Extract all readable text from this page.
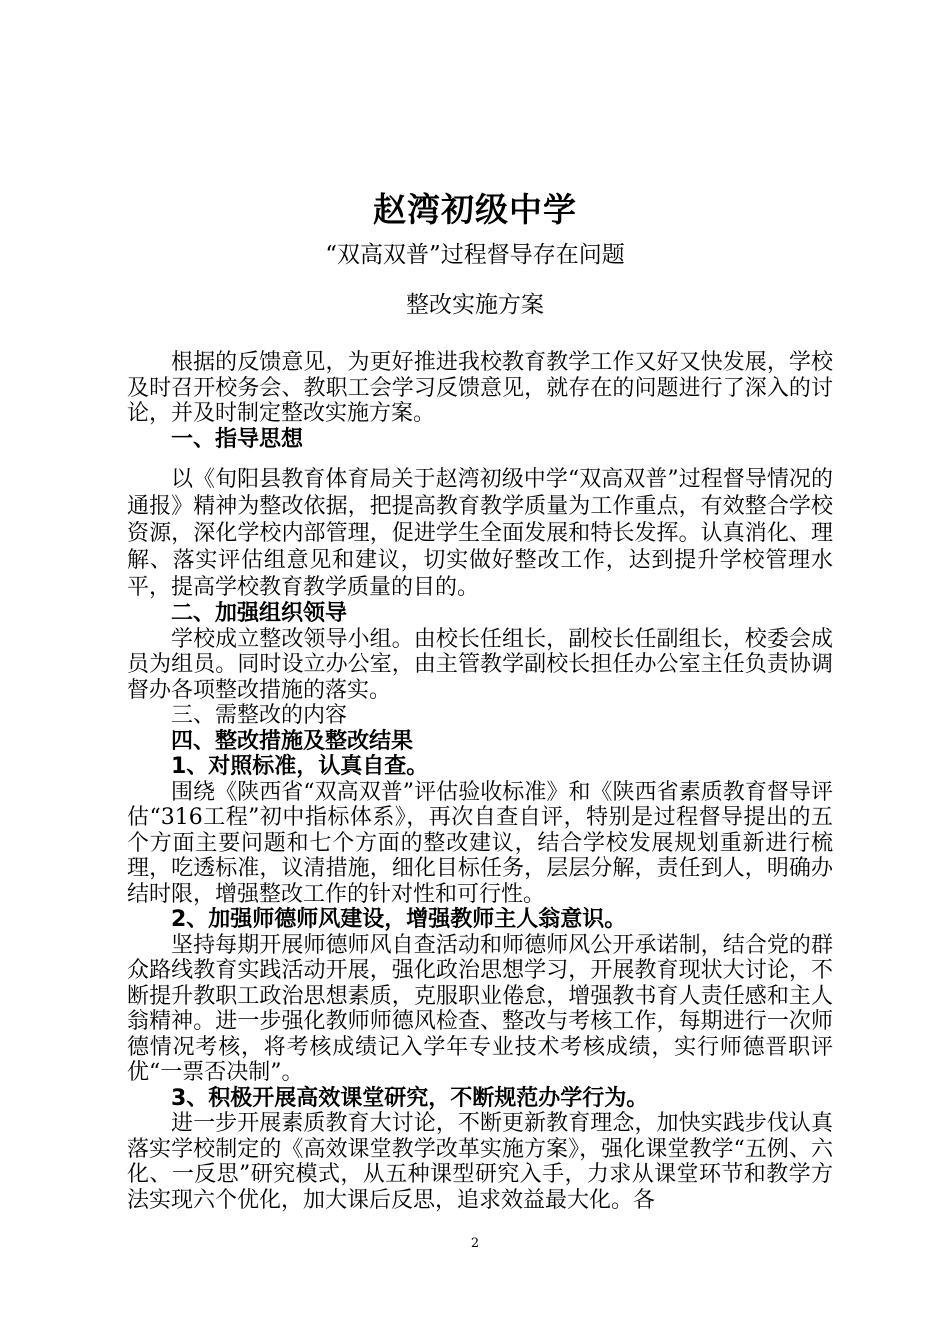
赵湾初级中学
“双高双普”过程督导存在问题
整改实施方案

根据的反馈意见，为更好推进我校教育教学工作又好又快发展，学校及时召开校务会、教职工会学习反馈意见，就存在的问题进行了深入的讨论，并及时制定整改实施方案。

一、指导思想

以《旬阳县教育体育局关于赵湾初级中学“双高双普”过程督导情况的通报》精神为整改依据，把提高教育教学质量为工作重点，有效整合学校资源，深化学校内部管理，促进学生全面发展和特长发挥。认真消化、理解、落实评估组意见和建议，切实做好整改工作，达到提升学校管理水平，提高学校教育教学质量的目的。

二、加强组织领导

学校成立整改领导小组。由校长任组长，副校长任副组长，校委会成员为组员。同时设立办公室，由主管教学副校长担任办公室主任负责协调督办各项整改措施的落实。

三、需整改的内容

四、整改措施及整改结果

1、对照标准，认真自查。

围绕《陕西省“双高双普”评估验收标准》和《陕西省素质教育督导评估“316工程”初中指标体系》，再次自查自评，特别是过程督导提出的五个方面主要问题和七个方面的整改建议，结合学校发展规划重新进行梳理，吃透标准，议清措施，细化目标任务，层层分解，责任到人，明确办结时限，增强整改工作的针对性和可行性。

2、加强师德师风建设，增强教师主人翁意识。

坚持每期开展师德师风自查活动和师德师风公开承诺制，结合党的群众路线教育实践活动开展，强化政治思想学习，开展教育现状大讨论，不断提升教职工政治思想素质，克服职业倦怠，增强教书育人责任感和主人翁精神。进一步强化教师师德风检查、整改与考核工作，每期进行一次师德情况考核，将考核成绩记入学年专业技术考核成绩，实行师德晋职评优“一票否决制”。

3、积极开展高效课堂研究，不断规范办学行为。

进一步开展素质教育大讨论，不断更新教育理念，加快实践步伐认真落实学校制定的《高效课堂教学改革实施方案》，强化课堂教学“五例、六化、一反思”研究模式，从五种课型研究入手，力求从课堂环节和教学方法实现六个优化，加大课后反思，追求效益最大化。各

2
